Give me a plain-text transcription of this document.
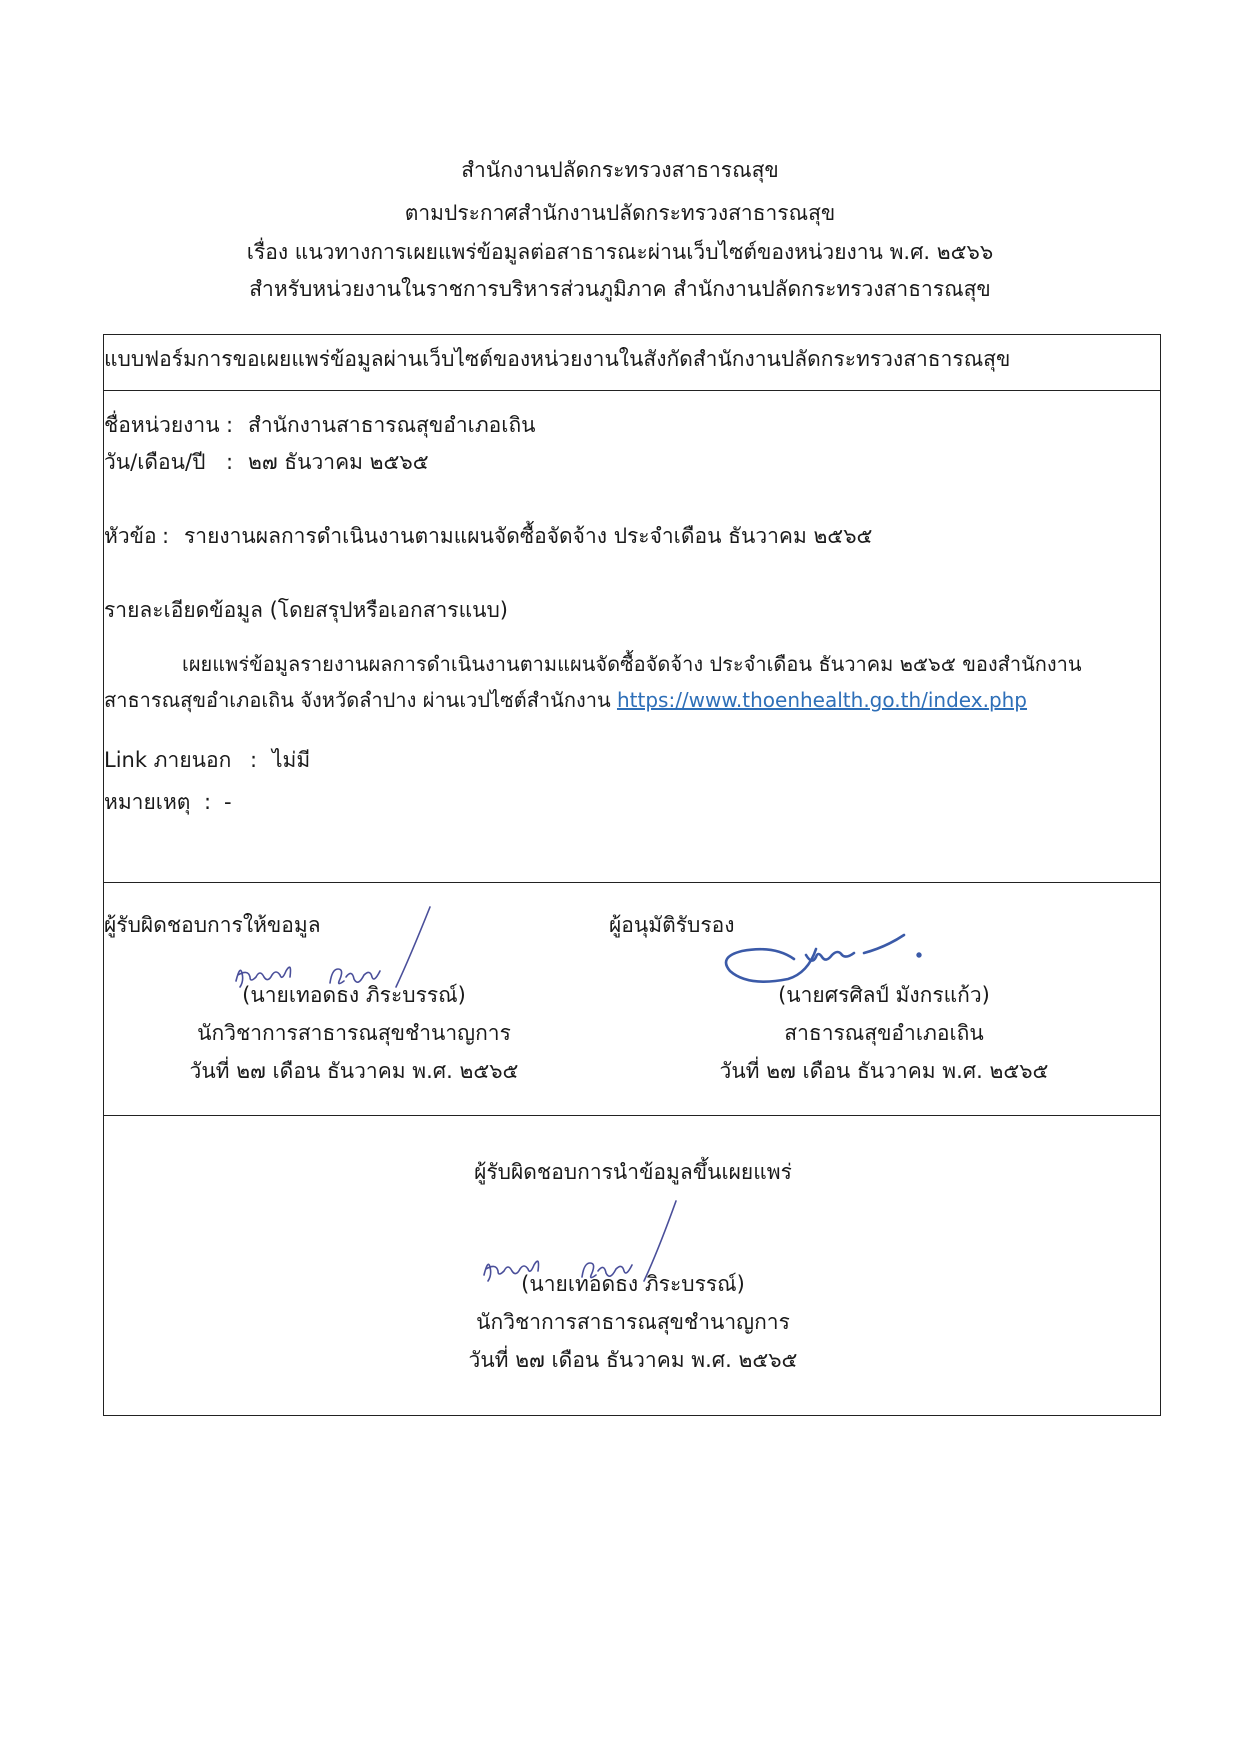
สำนักงานปลัดกระทรวงสาธารณสุข
ตามประกาศสำนักงานปลัดกระทรวงสาธารณสุข
เรื่อง แนวทางการเผยแพร่ข้อมูลต่อสาธารณะผ่านเว็บไซต์ของหน่วยงาน พ.ศ. ๒๕๖๖
สำหรับหน่วยงานในราชการบริหารส่วนภูมิภาค สำนักงานปลัดกระทรวงสาธารณสุข
แบบฟอร์มการขอเผยแพร่ข้อมูลผ่านเว็บไซต์ของหน่วยงานในสังกัดสำนักงานปลัดกระทรวงสาธารณสุข
ชื่อหน่วยงาน : สำนักงานสาธารณสุขอำเภอเถิน
วัน/เดือน/ปี : ๒๗ ธันวาคม ๒๕๖๕
หัวข้อ : รายงานผลการดำเนินงานตามแผนจัดซื้อจัดจ้าง ประจำเดือน ธันวาคม ๒๕๖๕
รายละเอียดข้อมูล (โดยสรุปหรือเอกสารแนบ)
เผยแพร่ข้อมูลรายงานผลการดำเนินงานตามแผนจัดซื้อจัดจ้าง ประจำเดือน ธันวาคม ๒๕๖๕ ของสำนักงาน
สาธารณสุขอำเภอเถิน จังหวัดลำปาง ผ่านเวปไซต์สำนักงาน https://www.thoenhealth.go.th/index.php
Link ภายนอก : ไม่มี
หมายเหตุ : -
ผู้รับผิดชอบการให้ขอมูล
(นายเทอดธง ภิระบรรณ์)
นักวิชาการสาธารณสุขชำนาญการ
วันที่ ๒๗ เดือน ธันวาคม พ.ศ. ๒๕๖๕
ผู้อนุมัติรับรอง
(นายศรศิลป์ มังกรแก้ว)
สาธารณสุขอำเภอเถิน
วันที่ ๒๗ เดือน ธันวาคม พ.ศ. ๒๕๖๕
ผู้รับผิดชอบการนำข้อมูลขึ้นเผยแพร่
(นายเทอดธง ภิระบรรณ์)
นักวิชาการสาธารณสุขชำนาญการ
วันที่ ๒๗ เดือน ธันวาคม พ.ศ. ๒๕๖๕
